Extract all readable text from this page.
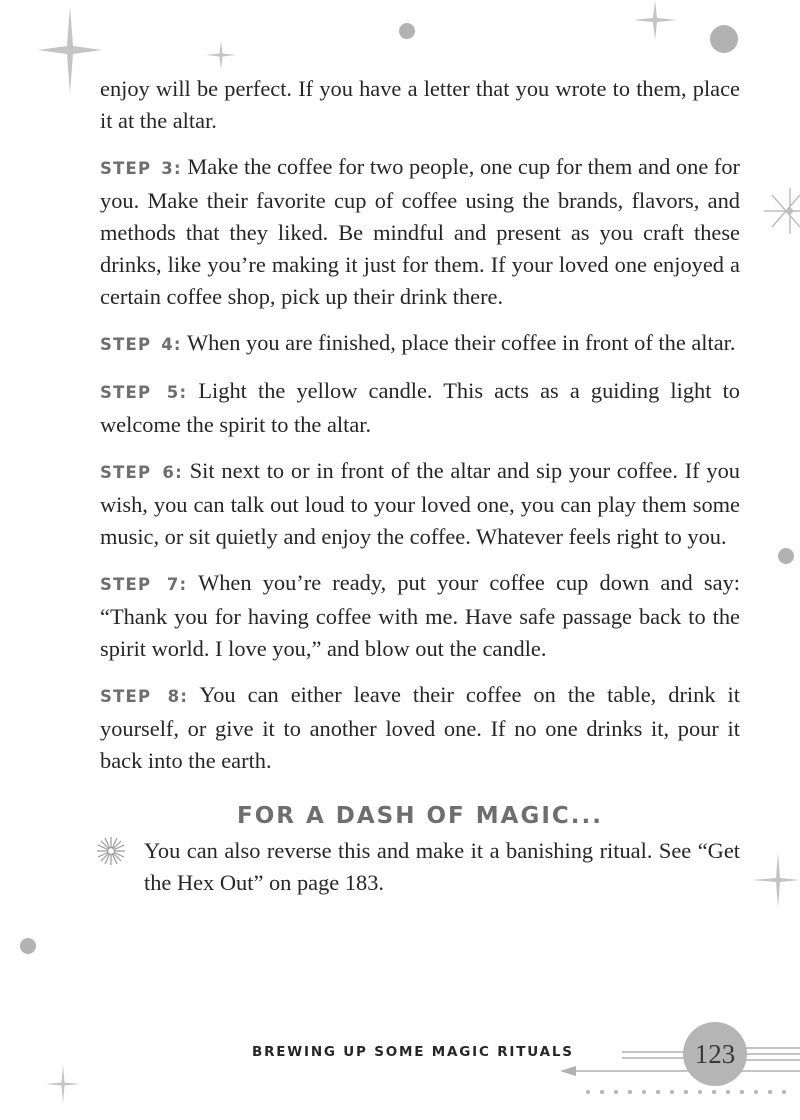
enjoy will be perfect. If you have a letter that you wrote to them, place it at the altar.

STEP 3: Make the coffee for two people, one cup for them and one for you. Make their favorite cup of coffee using the brands, flavors, and methods that they liked. Be mindful and present as you craft these drinks, like you’re making it just for them. If your loved one enjoyed a certain coffee shop, pick up their drink there.

STEP 4: When you are finished, place their coffee in front of the altar.

STEP 5: Light the yellow candle. This acts as a guiding light to welcome the spirit to the altar.

STEP 6: Sit next to or in front of the altar and sip your coffee. If you wish, you can talk out loud to your loved one, you can play them some music, or sit quietly and enjoy the coffee. Whatever feels right to you.

STEP 7: When you’re ready, put your coffee cup down and say: “Thank you for having coffee with me. Have safe passage back to the spirit world. I love you,” and blow out the candle.

STEP 8: You can either leave their coffee on the table, drink it yourself, or give it to another loved one. If no one drinks it, pour it back into the earth.

FOR A DASH OF MAGIC...

You can also reverse this and make it a banishing ritual. See “Get the Hex Out” on page 183.

BREWING UP SOME MAGIC RITUALS	123
